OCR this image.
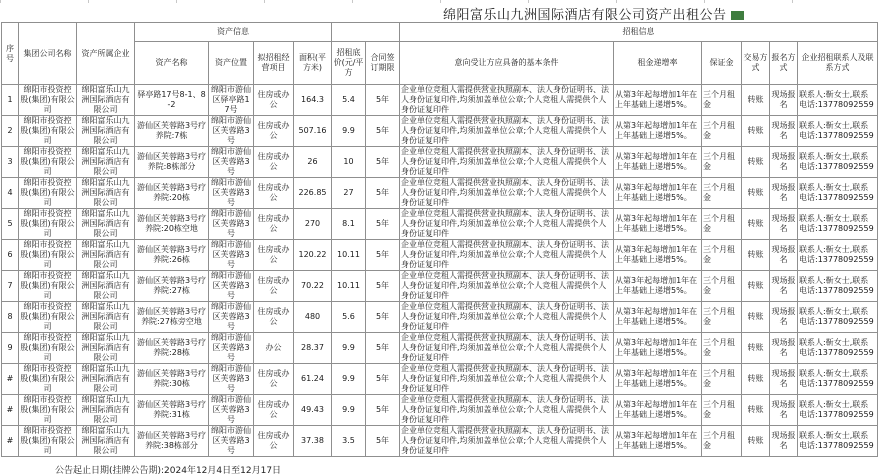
绵阳富乐山九洲国际酒店有限公司资产出租公告
序号	集团公司名称	资产所属企业	资产信息						招租信息					
			资产名称	资产位置	拟招租经营项目	面积(平方米)	招租底价(元/平方	合同签订期限	意向受让方应具备的基本条件	租金递增率	保证金	交易方式	报名方式	企业招租联系人及联系方式
1	绵阳市投资控股(集团)有限公司	绵阳富乐山九洲国际酒店有限公司	驿亭路17号8-1、8-2	绵阳市游仙区驿亭路17号	住房或办公	164.3	5.4	5年	企业单位竞租人需提供营业执照副本、法人身份证明书、法人身份证复印件,均须加盖单位公章;个人竞租人需提供个人身份证复印件	从第3年起每增加1年在上年基础上递增5%。	三个月租金	转账	现场报名	联系人:靳女士,联系电话:13778092559
2	绵阳市投资控股(集团)有限公司	绵阳富乐山九洲国际酒店有限公司	游仙区芙蓉路3号疗养院:7栋	绵阳市游仙区芙蓉路3号	住房或办公	507.16	9.9	5年	企业单位竞租人需提供营业执照副本、法人身份证明书、法人身份证复印件,均须加盖单位公章;个人竞租人需提供个人身份证复印件	从第3年起每增加1年在上年基础上递增5%。	三个月租金	转账	现场报名	联系人:靳女士,联系电话:13778092559
3	绵阳市投资控股(集团)有限公司	绵阳富乐山九洲国际酒店有限公司	游仙区芙蓉路3号疗养院:8栋部分	绵阳市游仙区芙蓉路3号	住房或办公	26	10	5年	企业单位竞租人需提供营业执照副本、法人身份证明书、法人身份证复印件,均须加盖单位公章;个人竞租人需提供个人身份证复印件	从第3年起每增加1年在上年基础上递增5%。	三个月租金	转账	现场报名	联系人:靳女士,联系电话:13778092559
4	绵阳市投资控股(集团)有限公司	绵阳富乐山九洲国际酒店有限公司	游仙区芙蓉路3号疗养院:20栋	绵阳市游仙区芙蓉路3号	住房或办公	226.85	27	5年	企业单位竞租人需提供营业执照副本、法人身份证明书、法人身份证复印件,均须加盖单位公章;个人竞租人需提供个人身份证复印件	从第3年起每增加1年在上年基础上递增5%。	三个月租金	转账	现场报名	联系人:靳女士,联系电话:13778092559
5	绵阳市投资控股(集团)有限公司	绵阳富乐山九洲国际酒店有限公司	游仙区芙蓉路3号疗养院:20栋空地	绵阳市游仙区芙蓉路3号	住房或办公	270	8.1	5年	企业单位竞租人需提供营业执照副本、法人身份证明书、法人身份证复印件,均须加盖单位公章;个人竞租人需提供个人身份证复印件	从第3年起每增加1年在上年基础上递增5%。	三个月租金	转账	现场报名	联系人:靳女士,联系电话:13778092559
6	绵阳市投资控股(集团)有限公司	绵阳富乐山九洲国际酒店有限公司	游仙区芙蓉路3号疗养院:26栋	绵阳市游仙区芙蓉路3号	住房或办公	120.22	10.11	5年	企业单位竞租人需提供营业执照副本、法人身份证明书、法人身份证复印件,均须加盖单位公章;个人竞租人需提供个人身份证复印件	从第3年起每增加1年在上年基础上递增5%。	三个月租金	转账	现场报名	联系人:靳女士,联系电话:13778092559
7	绵阳市投资控股(集团)有限公司	绵阳富乐山九洲国际酒店有限公司	游仙区芙蓉路3号疗养院:27栋	绵阳市游仙区芙蓉路3号	住房或办公	70.22	10.11	5年	企业单位竞租人需提供营业执照副本、法人身份证明书、法人身份证复印件,均须加盖单位公章;个人竞租人需提供个人身份证复印件	从第3年起每增加1年在上年基础上递增5%。	三个月租金	转账	现场报名	联系人:靳女士,联系电话:13778092559
8	绵阳市投资控股(集团)有限公司	绵阳富乐山九洲国际酒店有限公司	游仙区芙蓉路3号疗养院:27栋旁空地	绵阳市游仙区芙蓉路3号	住房或办公	480	5.6	5年	企业单位竞租人需提供营业执照副本、法人身份证明书、法人身份证复印件,均须加盖单位公章;个人竞租人需提供个人身份证复印件	从第3年起每增加1年在上年基础上递增5%。	三个月租金	转账	现场报名	联系人:靳女士,联系电话:13778092559
9	绵阳市投资控股(集团)有限公司	绵阳富乐山九洲国际酒店有限公司	游仙区芙蓉路3号疗养院:28栋	绵阳市游仙区芙蓉路3号	办公	28.37	9.9	5年	企业单位竞租人需提供营业执照副本、法人身份证明书、法人身份证复印件,均须加盖单位公章;个人竞租人需提供个人身份证复印件	从第3年起每增加1年在上年基础上递增5%。	三个月租金	转账	现场报名	联系人:靳女士,联系电话:13778092559
#	绵阳市投资控股(集团)有限公司	绵阳富乐山九洲国际酒店有限公司	游仙区芙蓉路3号疗养院:30栋	绵阳市游仙区芙蓉路3号	住房或办公	61.24	9.9	5年	企业单位竞租人需提供营业执照副本、法人身份证明书、法人身份证复印件,均须加盖单位公章;个人竞租人需提供个人身份证复印件	从第3年起每增加1年在上年基础上递增5%。	三个月租金	转账	现场报名	联系人:靳女士,联系电话:13778092559
#	绵阳市投资控股(集团)有限公司	绵阳富乐山九洲国际酒店有限公司	游仙区芙蓉路3号疗养院:31栋	绵阳市游仙区芙蓉路3号	住房或办公	49.43	9.9	5年	企业单位竞租人需提供营业执照副本、法人身份证明书、法人身份证复印件,均须加盖单位公章;个人竞租人需提供个人身份证复印件	从第3年起每增加1年在上年基础上递增5%。	三个月租金	转账	现场报名	联系人:靳女士,联系电话:13778092559
#	绵阳市投资控股(集团)有限公司	绵阳富乐山九洲国际酒店有限公司	游仙区芙蓉路3号疗养院:38栋部分	绵阳市游仙区芙蓉路3号	住房或办公	37.38	3.5	5年	企业单位竞租人需提供营业执照副本、法人身份证明书、法人身份证复印件,均须加盖单位公章;个人竞租人需提供个人身份证复印件	从第3年起每增加1年在上年基础上递增5%。	三个月租金	转账	现场报名	联系人:靳女士,联系电话:13778092559
公告起止日期(挂牌公告期):2024年12月4日至12月17日
